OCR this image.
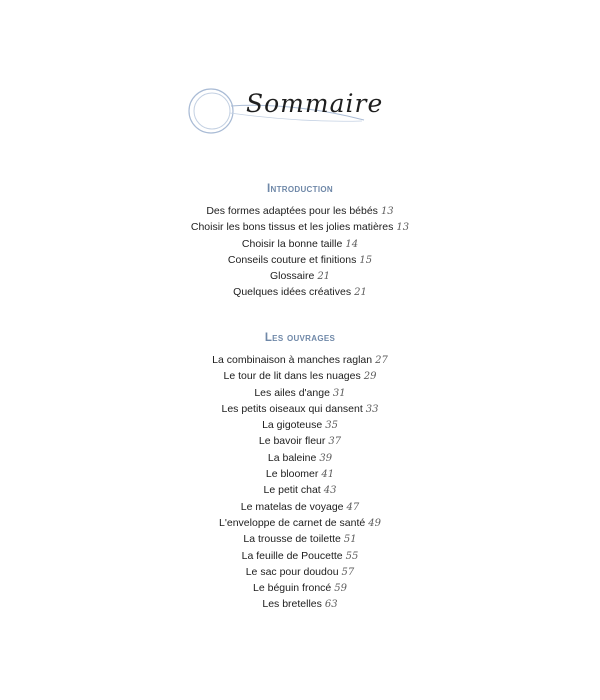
Sommaire
Introduction
Des formes adaptées pour les bébés 13
Choisir les bons tissus et les jolies matières 13
Choisir la bonne taille 14
Conseils couture et finitions 15
Glossaire 21
Quelques idées créatives 21
Les ouvrages
La combinaison à manches raglan 27
Le tour de lit dans les nuages 29
Les ailes d'ange 31
Les petits oiseaux qui dansent 33
La gigoteuse 35
Le bavoir fleur 37
La baleine 39
Le bloomer 41
Le petit chat 43
Le matelas de voyage 47
L'enveloppe de carnet de santé 49
La trousse de toilette 51
La feuille de Poucette 55
Le sac pour doudou 57
Le béguin froncé 59
Les bretelles 63
